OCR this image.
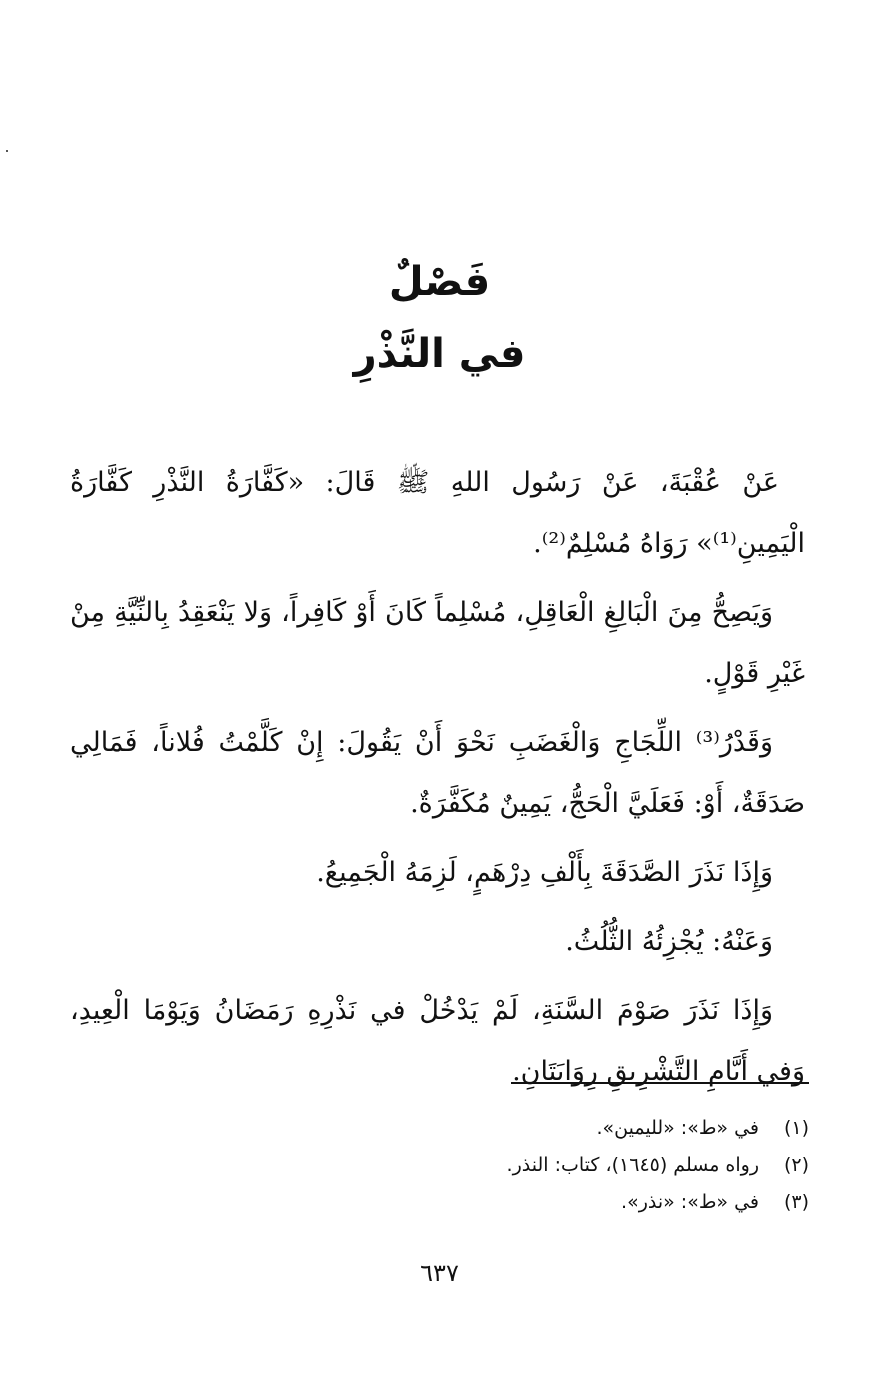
فَصْلٌ
في النَّذْرِ

عَنْ عُقْبَةَ، عَنْ رَسُول اللهِ ﷺ قَالَ: «كَفَّارَةُ النَّذْرِ كَفَّارَةُ الْيَمِينِ⁽¹⁾» رَوَاهُ مُسْلِمٌ⁽²⁾.

وَيَصِحُّ مِنَ الْبَالِغِ الْعَاقِلِ، مُسْلِماً كَانَ أَوْ كَافِراً، وَلا يَنْعَقِدُ بِالنِّيَّةِ مِنْ غَيْرِ قَوْلٍ.

وَقَدْرُ⁽³⁾ اللِّجَاجِ وَالْغَضَبِ نَحْوَ أَنْ يَقُولَ: إِنْ كَلَّمْتُ فُلاناً، فَمَالِي صَدَقَةٌ، أَوْ: فَعَلَيَّ الْحَجُّ، يَمِينٌ مُكَفَّرَةٌ.

وَإِذَا نَذَرَ الصَّدَقَةَ بِأَلْفِ دِرْهَمٍ، لَزِمَهُ الْجَمِيعُ.

وَعَنْهُ: يُجْزِئُهُ الثُّلُثُ.

وَإِذَا نَذَرَ صَوْمَ السَّنَةِ، لَمْ يَدْخُلْ في نَذْرِهِ رَمَضَانُ وَيَوْمَا الْعِيدِ، وَفي أَيَّامِ التَّشْرِيقِ رِوَايَتَانِ.

(١)في «ط»: «لليمين».
(٢)رواه مسلم (١٦٤٥)، كتاب: النذر.
(٣)في «ط»: «نذر».
٦٣٧
